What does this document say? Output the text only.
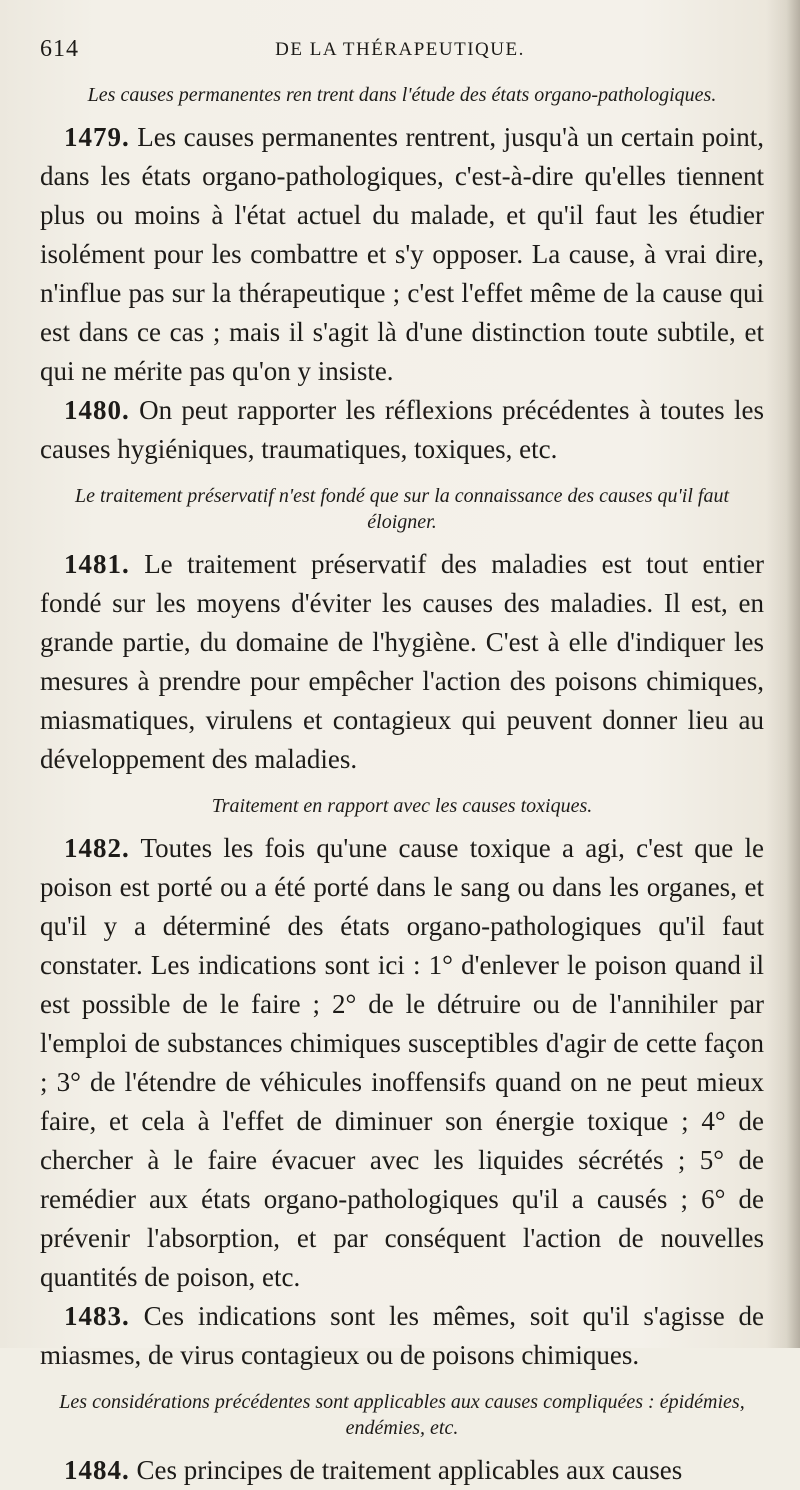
614	DE LA THÉRAPEUTIQUE.
Les causes permanentes ren trent dans l'étude des états organo-pathologiques.

1479. Les causes permanentes rentrent, jusqu'à un certain point, dans les états organo-pathologiques, c'est-à-dire qu'elles tiennent plus ou moins à l'état actuel du malade, et qu'il faut les étudier isolément pour les combattre et s'y opposer. La cause, à vrai dire, n'influe pas sur la thérapeutique ; c'est l'effet même de la cause qui est dans ce cas ; mais il s'agit là d'une distinction toute subtile, et qui ne mérite pas qu'on y insiste.

1480. On peut rapporter les réflexions précédentes à toutes les causes hygiéniques, traumatiques, toxiques, etc.

Le traitement préservatif n'est fondé que sur la connaissance des causes qu'il faut éloigner.

1481. Le traitement préservatif des maladies est tout entier fondé sur les moyens d'éviter les causes des maladies. Il est, en grande partie, du domaine de l'hygiène. C'est à elle d'indiquer les mesures à prendre pour empêcher l'action des poisons chimiques, miasmatiques, virulens et contagieux qui peuvent donner lieu au développement des maladies.

Traitement en rapport avec les causes toxiques.

1482. Toutes les fois qu'une cause toxique a agi, c'est que le poison est porté ou a été porté dans le sang ou dans les organes, et qu'il y a déterminé des états organo-pathologiques qu'il faut constater. Les indications sont ici : 1° d'enlever le poison quand il est possible de le faire ; 2° de le détruire ou de l'annihiler par l'emploi de substances chimiques susceptibles d'agir de cette façon ; 3° de l'étendre de véhicules inoffensifs quand on ne peut mieux faire, et cela à l'effet de diminuer son énergie toxique ; 4° de chercher à le faire évacuer avec les liquides sécrétés ; 5° de remédier aux états organo-pathologiques qu'il a causés ; 6° de prévenir l'absorption, et par conséquent l'action de nouvelles quantités de poison, etc.

1483. Ces indications sont les mêmes, soit qu'il s'agisse de miasmes, de virus contagieux ou de poisons chimiques.

Les considérations précédentes sont applicables aux causes compliquées : épidémies, endémies, etc.

1484. Ces principes de traitement applicables aux causes
